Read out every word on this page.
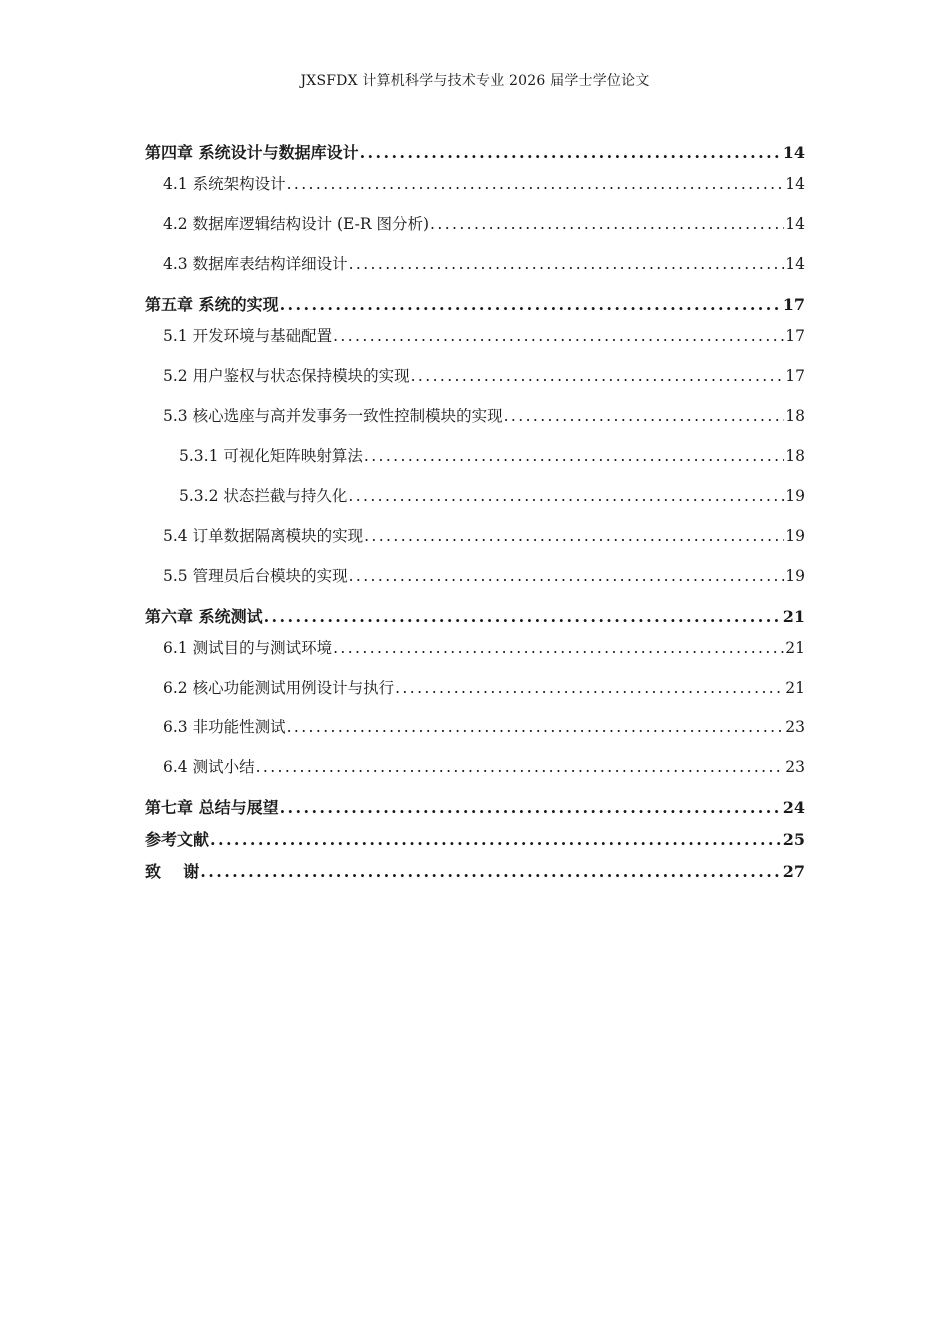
JXSFDX 计算机科学与技术专业 2026 届学士学位论文
第四章 系统设计与数据库设计 .....	14
4.1 系统架构设计 .....	14
4.2 数据库逻辑结构设计 (E-R 图分析) .....	14
4.3 数据库表结构详细设计 .....	14
第五章 系统的实现 .....	17
5.1 开发环境与基础配置 .....	17
5.2 用户鉴权与状态保持模块的实现 .....	17
5.3 核心选座与高并发事务一致性控制模块的实现 .....	18
5.3.1 可视化矩阵映射算法 .....	18
5.3.2 状态拦截与持久化 .....	19
5.4 订单数据隔离模块的实现 .....	19
5.5 管理员后台模块的实现 .....	19
第六章 系统测试 .....	21
6.1 测试目的与测试环境 .....	21
6.2 核心功能测试用例设计与执行 .....	21
6.3 非功能性测试 .....	23
6.4 测试小结 .....	23
第七章 总结与展望 .....	24
参考文献 .....	25
致    谢 .....	27
